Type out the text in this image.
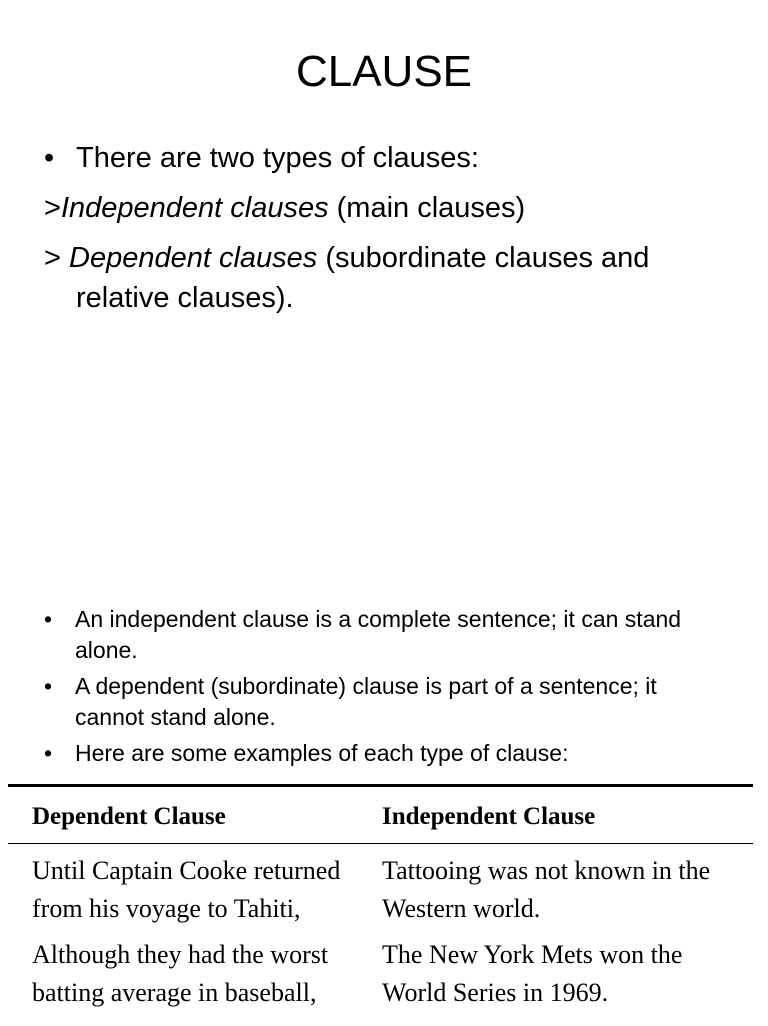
CLAUSE
• There are two types of clauses:
>Independent clauses (main clauses)
> Dependent clauses (subordinate clauses and relative clauses).
• An independent clause is a complete sentence; it can stand alone.
• A dependent (subordinate) clause is part of a sentence; it cannot stand alone.
• Here are some examples of each type of clause:
Dependent Clause	Independent Clause
Until Captain Cooke returned from his voyage to Tahiti,
Tattooing was not known in the Western world.
Although they had the worst batting average in baseball,
The New York Mets won the World Series in 1969.
